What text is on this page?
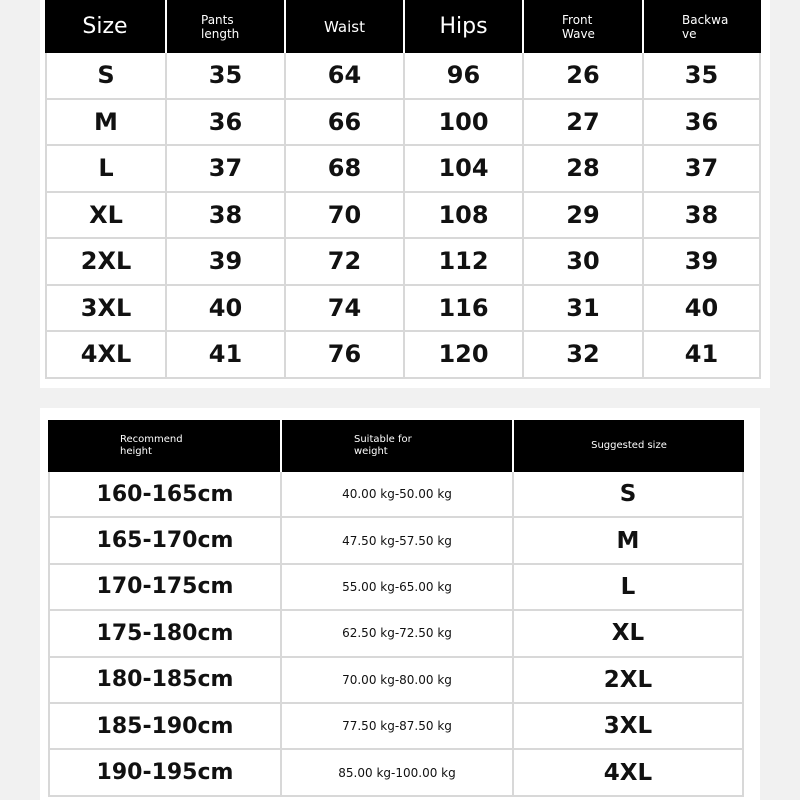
Size	Pants length	Waist	Hips	Front Wave	Backwave
S	35	64	96	26	35
M	36	66	100	27	36
L	37	68	104	28	37
XL	38	70	108	29	38
2XL	39	72	112	30	39
3XL	40	74	116	31	40
4XL	41	76	120	32	41
Recommend height	Suitable for weight	Suggested size
160-165cm	40.00 kg-50.00 kg	S
165-170cm	47.50 kg-57.50 kg	M
170-175cm	55.00 kg-65.00 kg	L
175-180cm	62.50 kg-72.50 kg	XL
180-185cm	70.00 kg-80.00 kg	2XL
185-190cm	77.50 kg-87.50 kg	3XL
190-195cm	85.00 kg-100.00 kg	4XL
